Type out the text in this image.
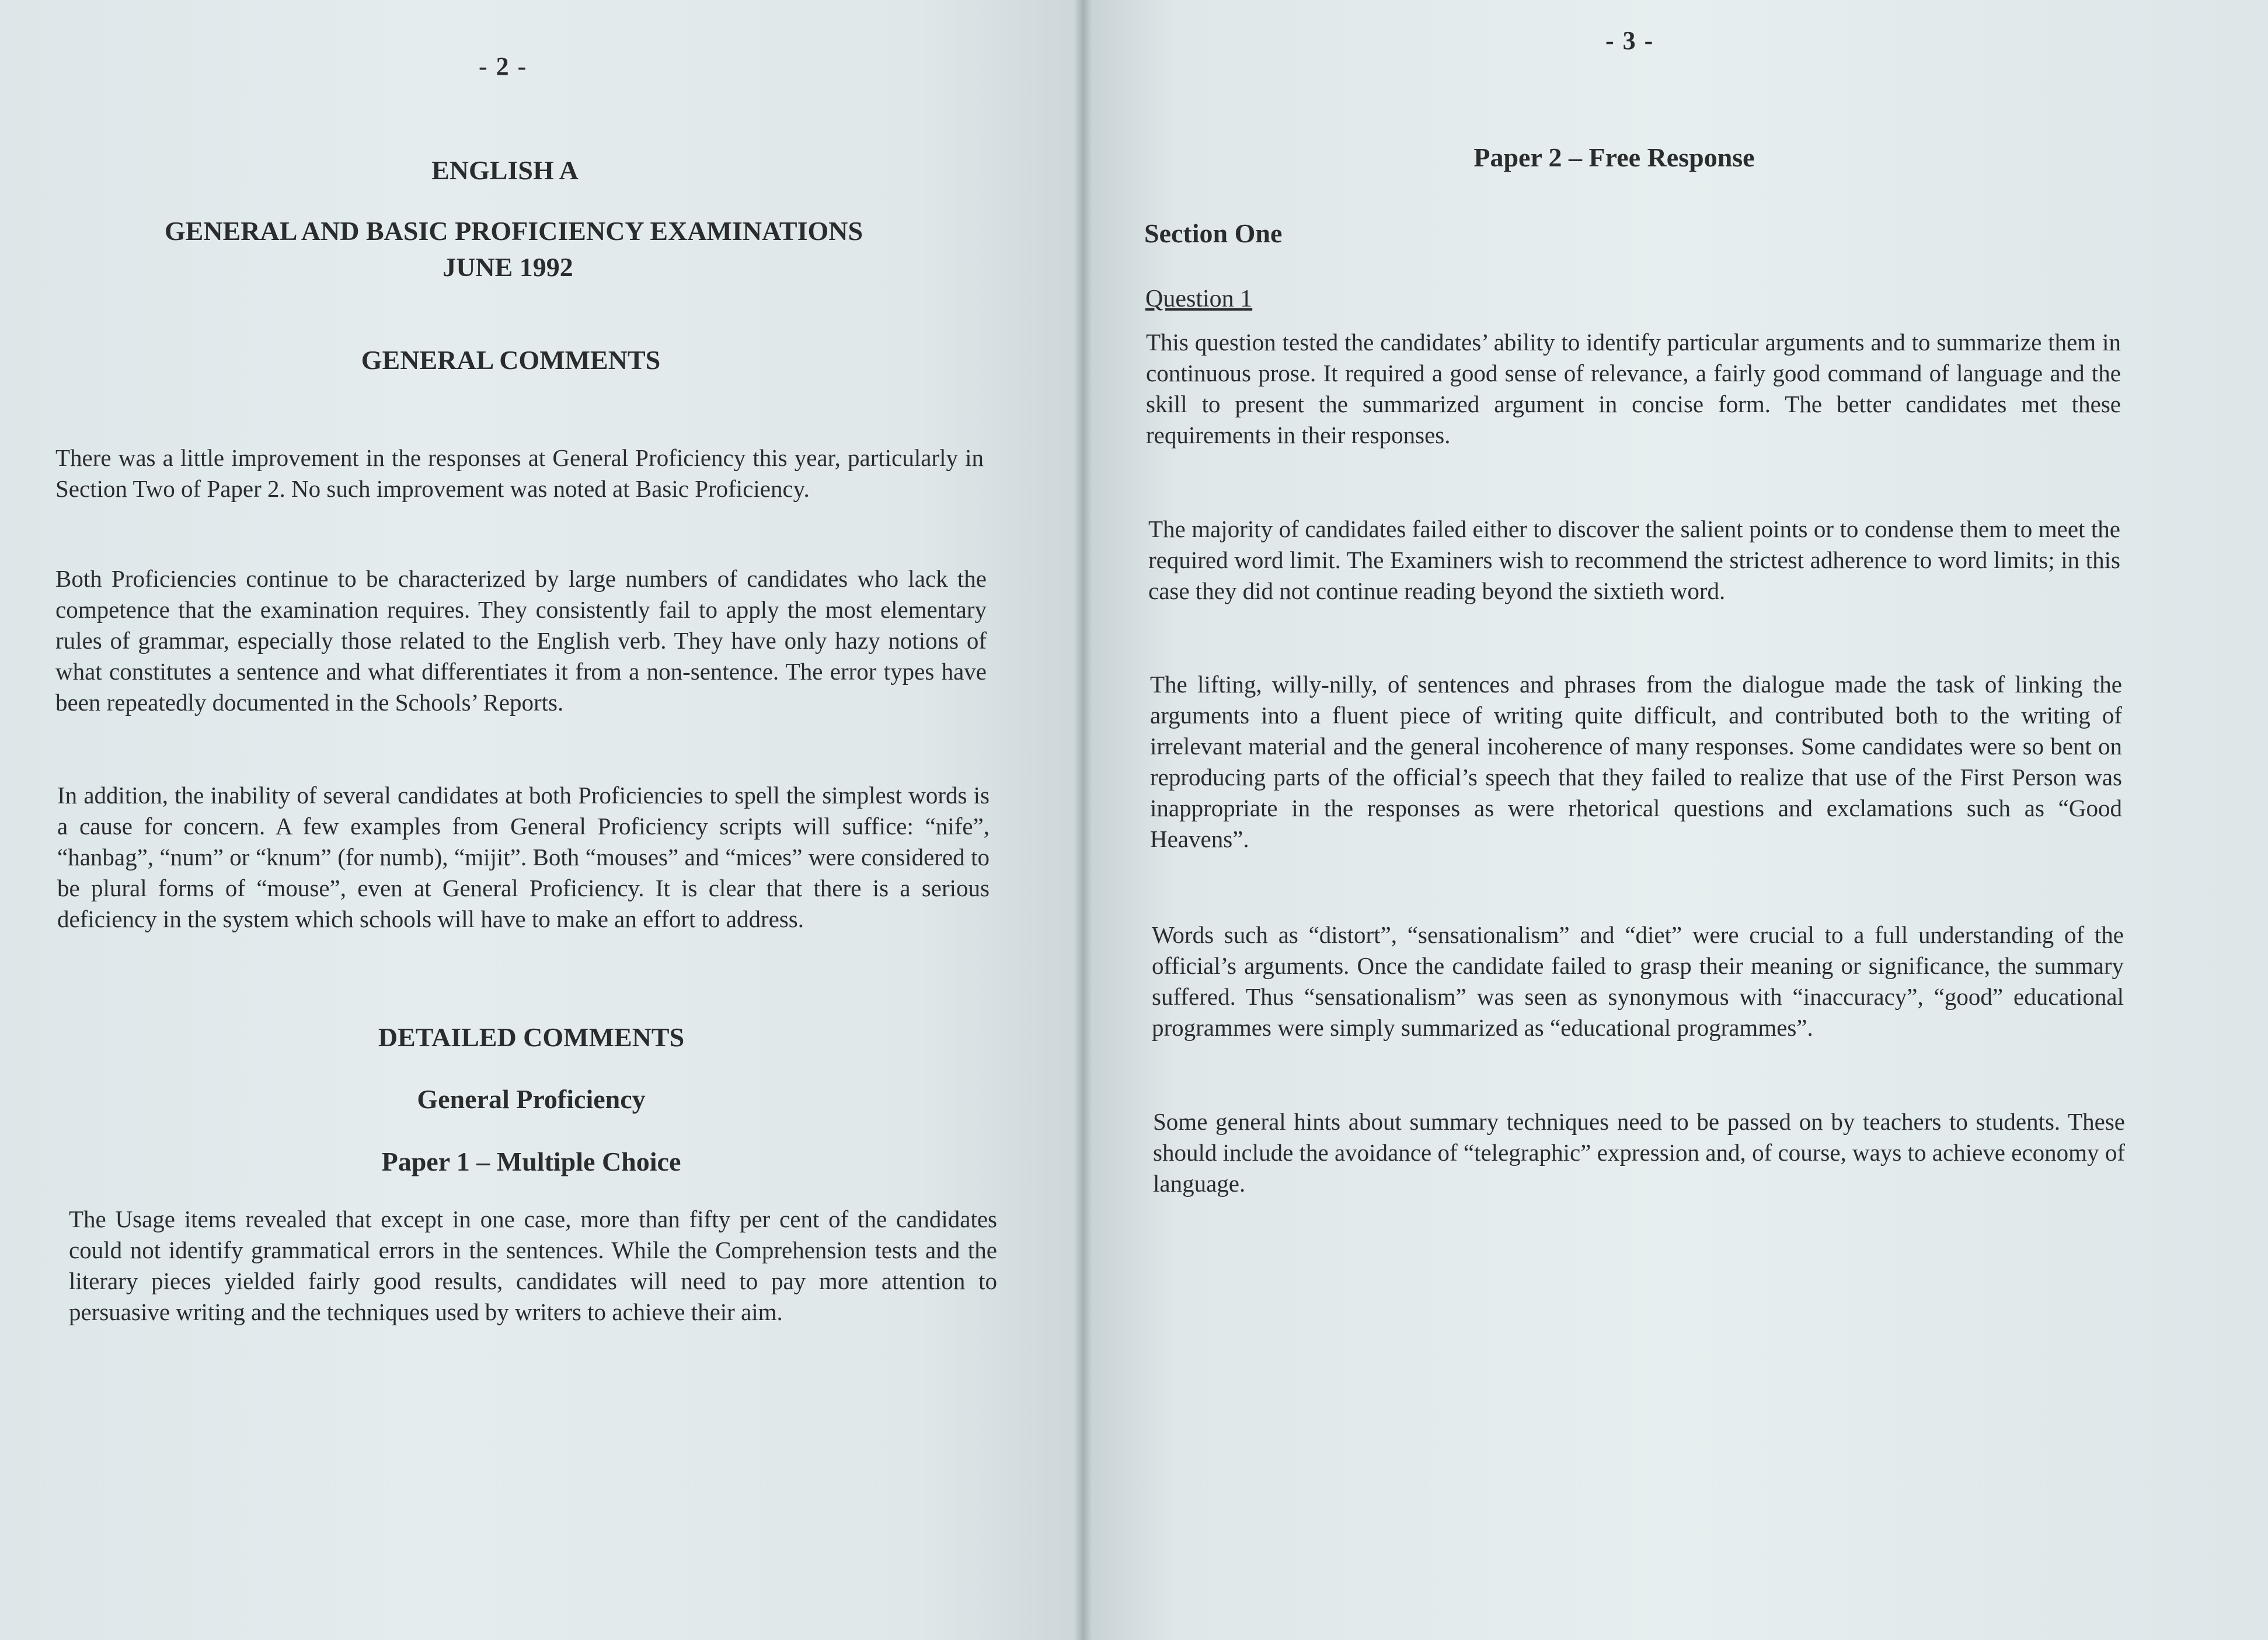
- 2 -
ENGLISH A
GENERAL AND BASIC PROFICIENCY EXAMINATIONS
JUNE 1992
GENERAL COMMENTS
There was a little improvement in the responses at General Proficiency this year, particularly in Section Two of Paper 2. No such improvement was noted at Basic Proficiency.
Both Proficiencies continue to be characterized by large numbers of candidates who lack the competence that the examination requires. They consistently fail to apply the most elementary rules of grammar, especially those related to the English verb. They have only hazy notions of what constitutes a sentence and what differentiates it from a non-sentence. The error types have been repeatedly documented in the Schools’ Reports.
In addition, the inability of several candidates at both Proficiencies to spell the simplest words is a cause for concern. A few examples from General Proficiency scripts will suffice: “nife”, “hanbag”, “num” or “knum” (for numb), “mijit”. Both “mouses” and “mices” were considered to be plural forms of “mouse”, even at General Proficiency. It is clear that there is a serious deficiency in the system which schools will have to make an effort to address.
DETAILED COMMENTS
General Proficiency
Paper 1 – Multiple Choice
The Usage items revealed that except in one case, more than fifty per cent of the candidates could not identify grammatical errors in the sentences. While the Comprehension tests and the literary pieces yielded fairly good results, candidates will need to pay more attention to persuasive writing and the techniques used by writers to achieve their aim.
- 3 -
Paper 2 – Free Response
Section One
Question 1
This question tested the candidates’ ability to identify particular arguments and to summarize them in continuous prose. It required a good sense of relevance, a fairly good command of language and the skill to present the summarized argument in concise form. The better candidates met these requirements in their responses.
The majority of candidates failed either to discover the salient points or to condense them to meet the required word limit. The Examiners wish to recommend the strictest adherence to word limits; in this case they did not continue reading beyond the sixtieth word.
The lifting, willy-nilly, of sentences and phrases from the dialogue made the task of linking the arguments into a fluent piece of writing quite difficult, and contributed both to the writing of irrelevant material and the general incoherence of many responses. Some candidates were so bent on reproducing parts of the official’s speech that they failed to realize that use of the First Person was inappropriate in the responses as were rhetorical questions and exclamations such as “Good Heavens”.
Words such as “distort”, “sensationalism” and “diet” were crucial to a full understanding of the official’s arguments. Once the candidate failed to grasp their meaning or significance, the summary suffered. Thus “sensationalism” was seen as synonymous with “inaccuracy”, “good” educational programmes were simply summarized as “educational programmes”.
Some general hints about summary techniques need to be passed on by teachers to students. These should include the avoidance of “telegraphic” expression and, of course, ways to achieve economy of language.
